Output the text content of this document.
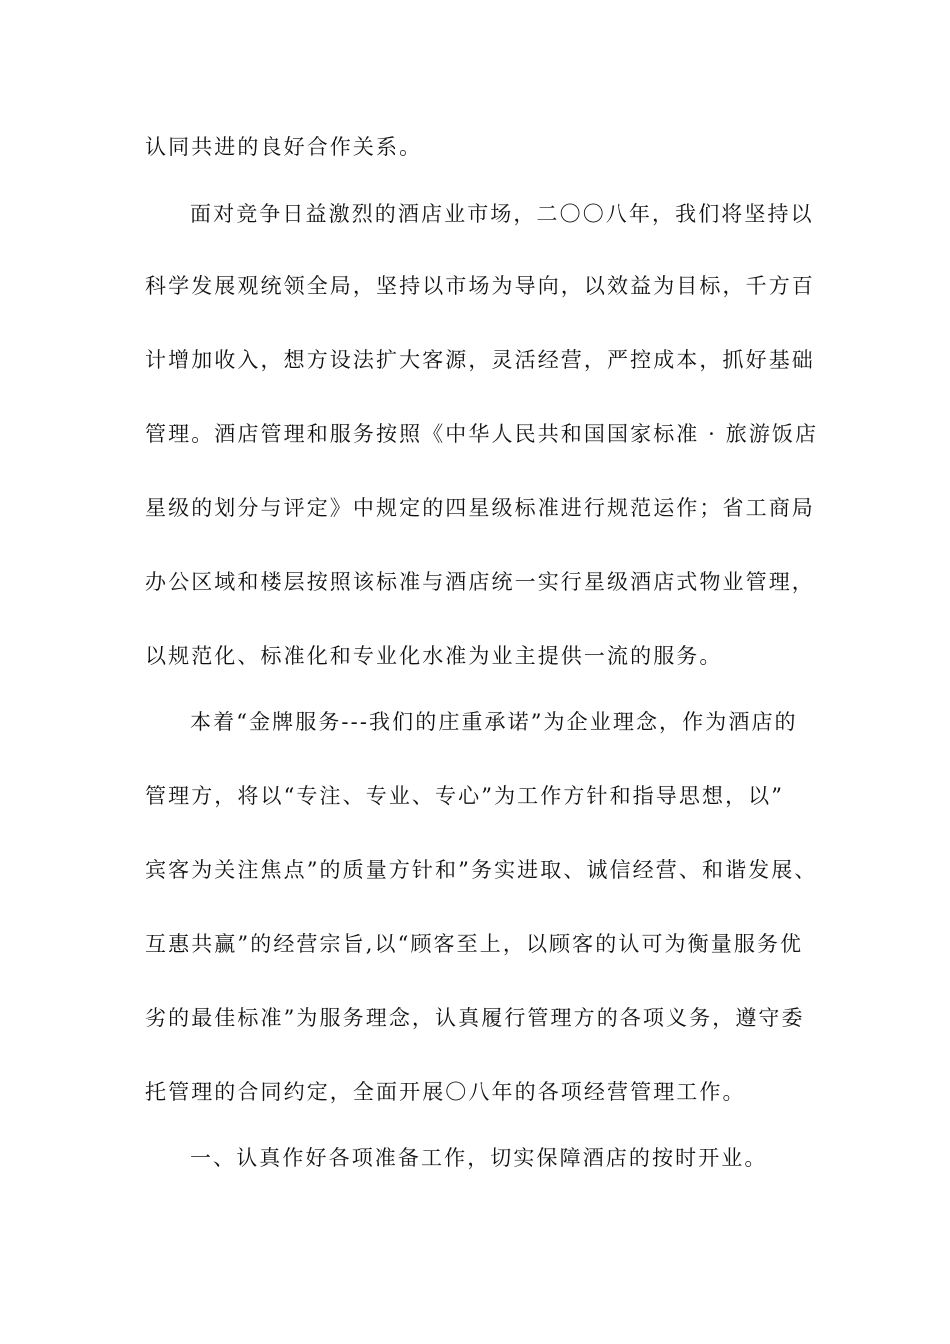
认同共进的良好合作关系。
面对竞争日益激烈的酒店业市场，二〇〇八年，我们将坚持以
科学发展观统领全局，坚持以市场为导向，以效益为目标，千方百
计增加收入，想方设法扩大客源，灵活经营，严控成本，抓好基础
管理。酒店管理和服务按照《中华人民共和国国家标准 · 旅游饭店
星级的划分与评定》中规定的四星级标准进行规范运作；省工商局
办公区域和楼层按照该标准与酒店统一实行星级酒店式物业管理，
以规范化、标准化和专业化水准为业主提供一流的服务。
本着“金牌服务---我们的庄重承诺”为企业理念，作为酒店的
管理方，将以“专注、专业、专心”为工作方针和指导思想，以”
宾客为关注焦点”的质量方针和”务实进取、诚信经营、和谐发展、
互惠共赢”的经营宗旨,以“顾客至上，以顾客的认可为衡量服务优
劣的最佳标准”为服务理念，认真履行管理方的各项义务，遵守委
托管理的合同约定，全面开展〇八年的各项经营管理工作。
一、认真作好各项准备工作，切实保障酒店的按时开业。
